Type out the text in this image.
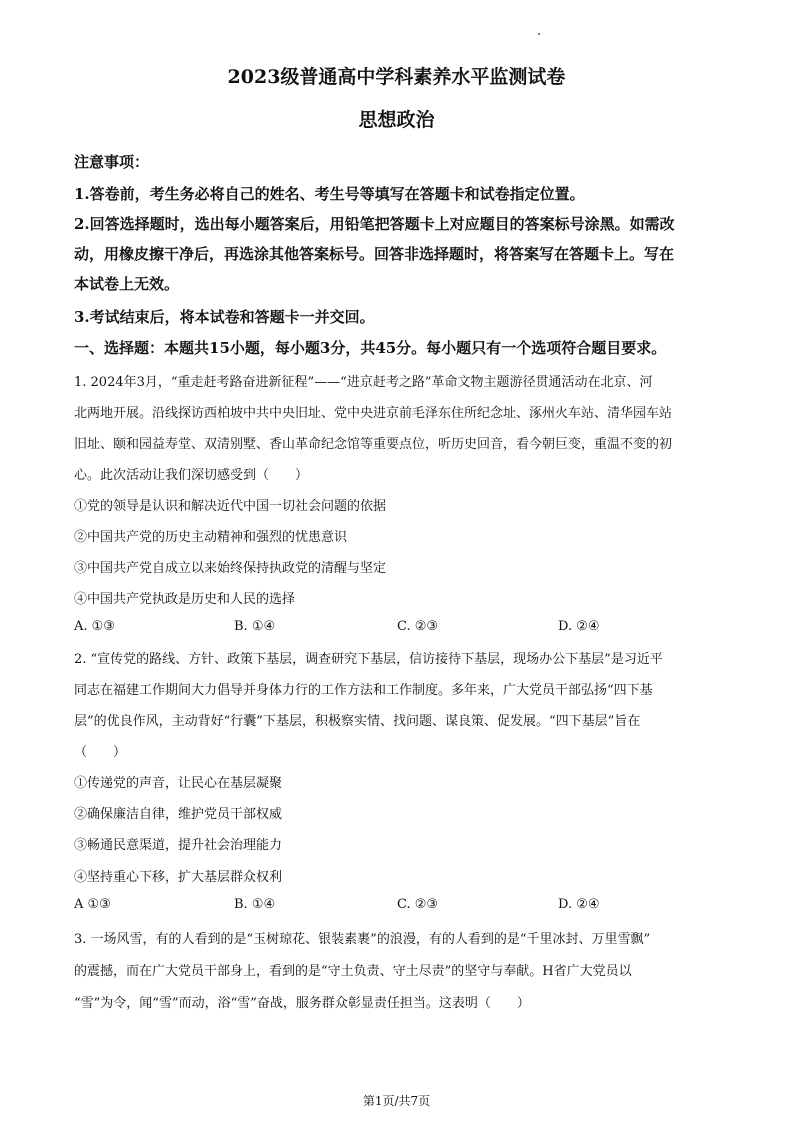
2023级普通高中学科素养水平监测试卷
思想政治
注意事项：
1.答卷前，考生务必将自己的姓名、考生号等填写在答题卡和试卷指定位置。
2.回答选择题时，选出每小题答案后，用铅笔把答题卡上对应题目的答案标号涂黑。如需改
动，用橡皮擦干净后，再选涂其他答案标号。回答非选择题时，将答案写在答题卡上。写在
本试卷上无效。
3.考试结束后，将本试卷和答题卡一并交回。
一、选择题：本题共15小题，每小题3分，共45分。每小题只有一个选项符合题目要求。
1. 2024年3月，“重走赶考路奋进新征程”——“进京赶考之路”革命文物主题游径贯通活动在北京、河
北两地开展。沿线探访西柏坡中共中央旧址、党中央进京前毛泽东住所纪念址、涿州火车站、清华园车站
旧址、颐和园益寿堂、双清别墅、香山革命纪念馆等重要点位，听历史回音，看今朝巨变，重温不变的初
心。此次活动让我们深切感受到（　　）
①党的领导是认识和解决近代中国一切社会问题的依据
②中国共产党的历史主动精神和强烈的忧患意识
③中国共产党自成立以来始终保持执政党的清醒与坚定
④中国共产党执政是历史和人民的选择
A. ①③	B. ①④	C. ②③	D. ②④
2. “宣传党的路线、方针、政策下基层，调查研究下基层，信访接待下基层，现场办公下基层”是习近平
同志在福建工作期间大力倡导并身体力行的工作方法和工作制度。多年来，广大党员干部弘扬“四下基
层”的优良作风，主动背好“行囊”下基层，积极察实情、找问题、谋良策、促发展。“四下基层”旨在
（　　）
①传递党的声音，让民心在基层凝聚
②确保廉洁自律，维护党员干部权威
③畅通民意渠道，提升社会治理能力
④坚持重心下移，扩大基层群众权利
A ①③	B. ①④	C. ②③	D. ②④
3. 一场风雪，有的人看到的是“玉树琼花、银装素裹”的浪漫，有的人看到的是“千里冰封、万里雪飘”
的震撼，而在广大党员干部身上，看到的是“守土负责、守土尽责”的坚守与奉献。H省广大党员以
“雪”为令，闻“雪”而动，浴“雪”奋战，服务群众彰显责任担当。这表明（　　）
第1页/共7页
